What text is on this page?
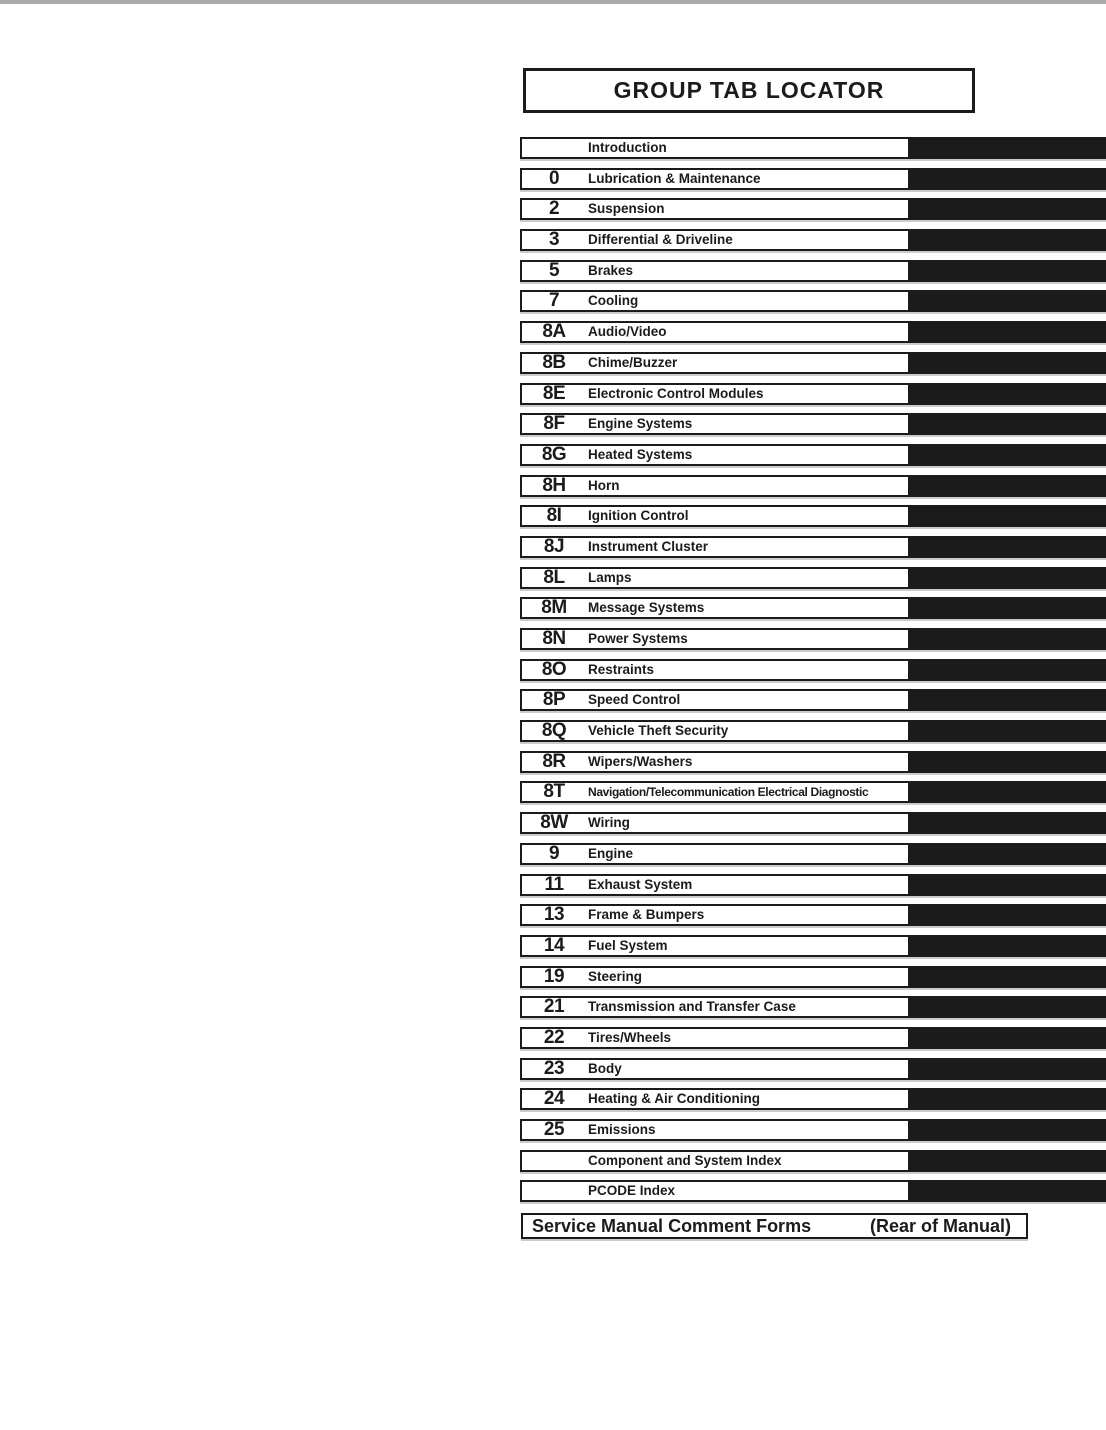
GROUP TAB LOCATOR
Introduction
0	Lubrication & Maintenance
2	Suspension
3	Differential & Driveline
5	Brakes
7	Cooling
8A	Audio/Video
8B	Chime/Buzzer
8E	Electronic Control Modules
8F	Engine Systems
8G	Heated Systems
8H	Horn
8I	Ignition Control
8J	Instrument Cluster
8L	Lamps
8M	Message Systems
8N	Power Systems
8O	Restraints
8P	Speed Control
8Q	Vehicle Theft Security
8R	Wipers/Washers
8T	Navigation/Telecommunication Electrical Diagnostic
8W	Wiring
9	Engine
11	Exhaust System
13	Frame & Bumpers
14	Fuel System
19	Steering
21	Transmission and Transfer Case
22	Tires/Wheels
23	Body
24	Heating & Air Conditioning
25	Emissions
Component and System Index
PCODE Index
Service Manual Comment Forms	(Rear of Manual)
